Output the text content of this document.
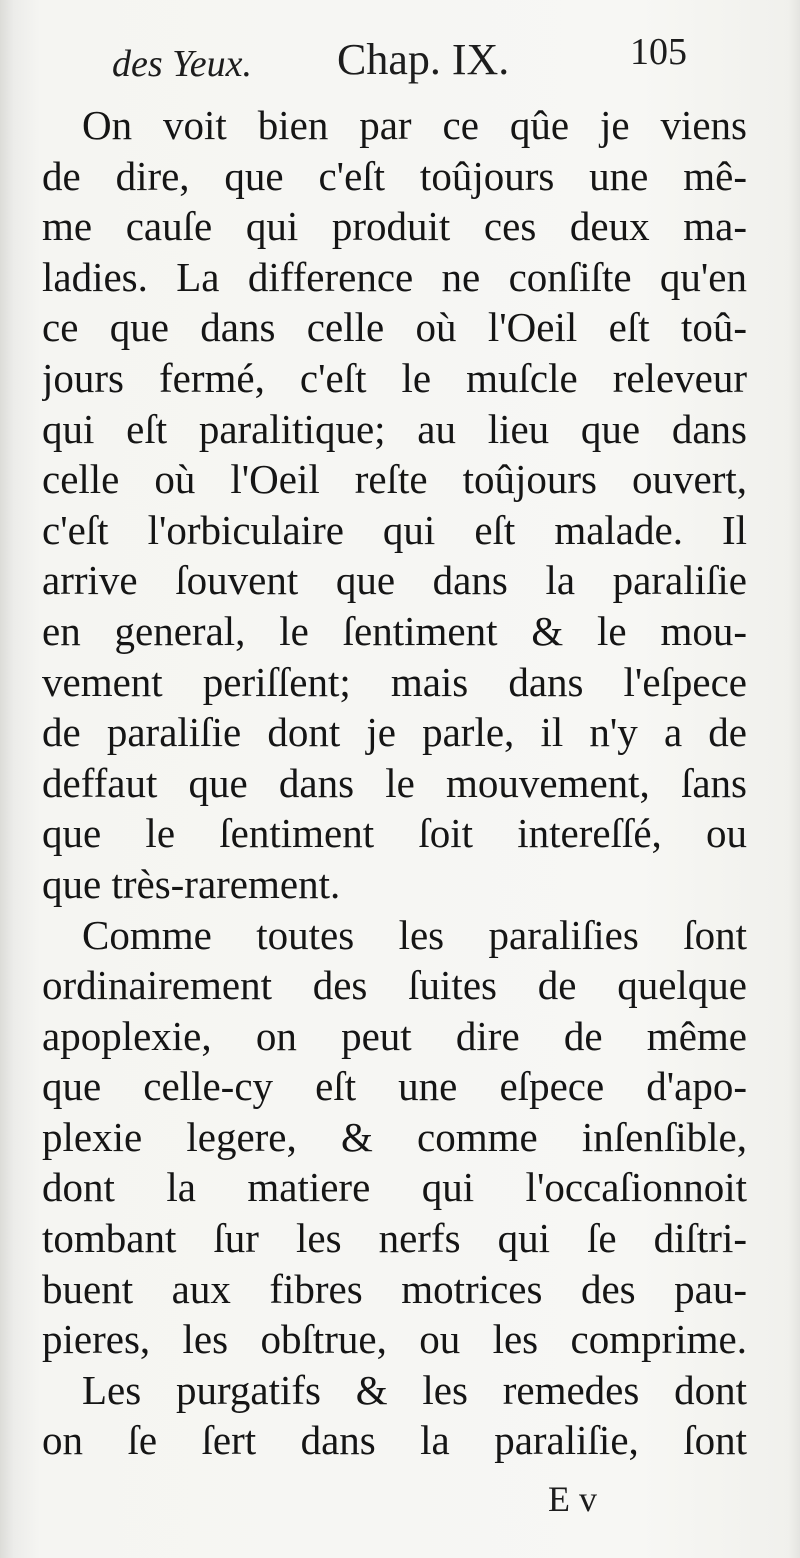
des Yeux. Chap. IX.	105
On voit bien par ce qûe je viens
de dire, que c'eſt toûjours une mê-
me cauſe qui produit ces deux ma-
ladies. La difference ne conſiſte qu'en
ce que dans celle où l'Oeil eſt toû-
jours fermé, c'eſt le muſcle releveur
qui eſt paralitique; au lieu que dans
celle où l'Oeil reſte toûjours ouvert,
c'eſt l'orbiculaire qui eſt malade. Il
arrive ſouvent que dans la paraliſie
en general, le ſentiment & le mou-
vement periſſent; mais dans l'eſpece
de paraliſie dont je parle, il n'y a de
deffaut que dans le mouvement, ſans
que le ſentiment ſoit intereſſé, ou
que très-rarement.
Comme toutes les paraliſies ſont
ordinairement des ſuites de quelque
apoplexie, on peut dire de même
que celle-cy eſt une eſpece d'apo-
plexie legere, & comme inſenſible,
dont la matiere qui l'occaſionnoit
tombant ſur les nerfs qui ſe diſtri-
buent aux fibres motrices des pau-
pieres, les obſtrue, ou les comprime.
Les purgatifs & les remedes dont
on ſe ſert dans la paraliſie, ſont
E v
